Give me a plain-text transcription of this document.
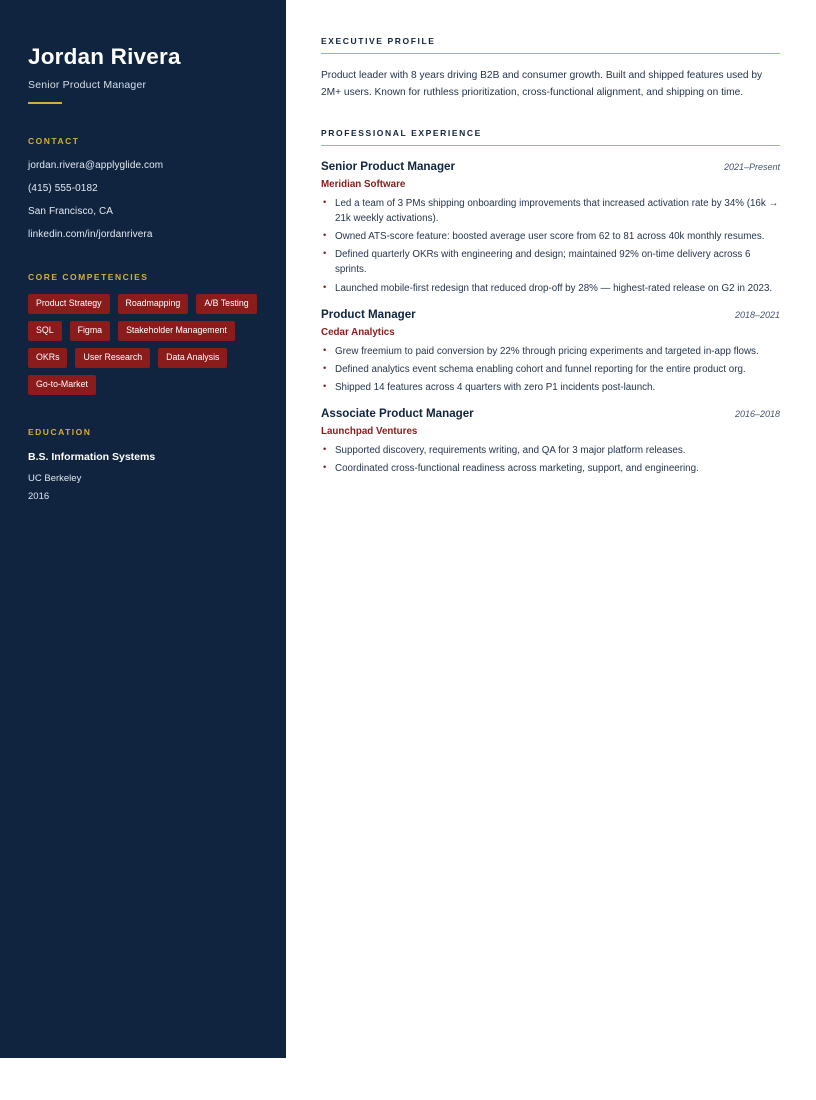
Jordan Rivera
Senior Product Manager
CONTACT
jordan.rivera@applyglide.com
(415) 555-0182
San Francisco, CA
linkedin.com/in/jordanrivera
CORE COMPETENCIES
Product Strategy	Roadmapping	A/B Testing
SQL	Figma	Stakeholder Management
OKRs	User Research	Data Analysis
Go-to-Market
EDUCATION
B.S. Information Systems
UC Berkeley
2016
EXECUTIVE PROFILE
Product leader with 8 years driving B2B and consumer growth. Built and shipped features used by 2M+ users. Known for ruthless prioritization, cross-functional alignment, and shipping on time.
PROFESSIONAL EXPERIENCE
Senior Product Manager	2021–Present
Meridian Software
• Led a team of 3 PMs shipping onboarding improvements that increased activation rate by 34% (16k → 21k weekly activations).
• Owned ATS-score feature: boosted average user score from 62 to 81 across 40k monthly resumes.
• Defined quarterly OKRs with engineering and design; maintained 92% on-time delivery across 6 sprints.
• Launched mobile-first redesign that reduced drop-off by 28% — highest-rated release on G2 in 2023.
Product Manager	2018–2021
Cedar Analytics
• Grew freemium to paid conversion by 22% through pricing experiments and targeted in-app flows.
• Defined analytics event schema enabling cohort and funnel reporting for the entire product org.
• Shipped 14 features across 4 quarters with zero P1 incidents post-launch.
Associate Product Manager	2016–2018
Launchpad Ventures
• Supported discovery, requirements writing, and QA for 3 major platform releases.
• Coordinated cross-functional readiness across marketing, support, and engineering.
